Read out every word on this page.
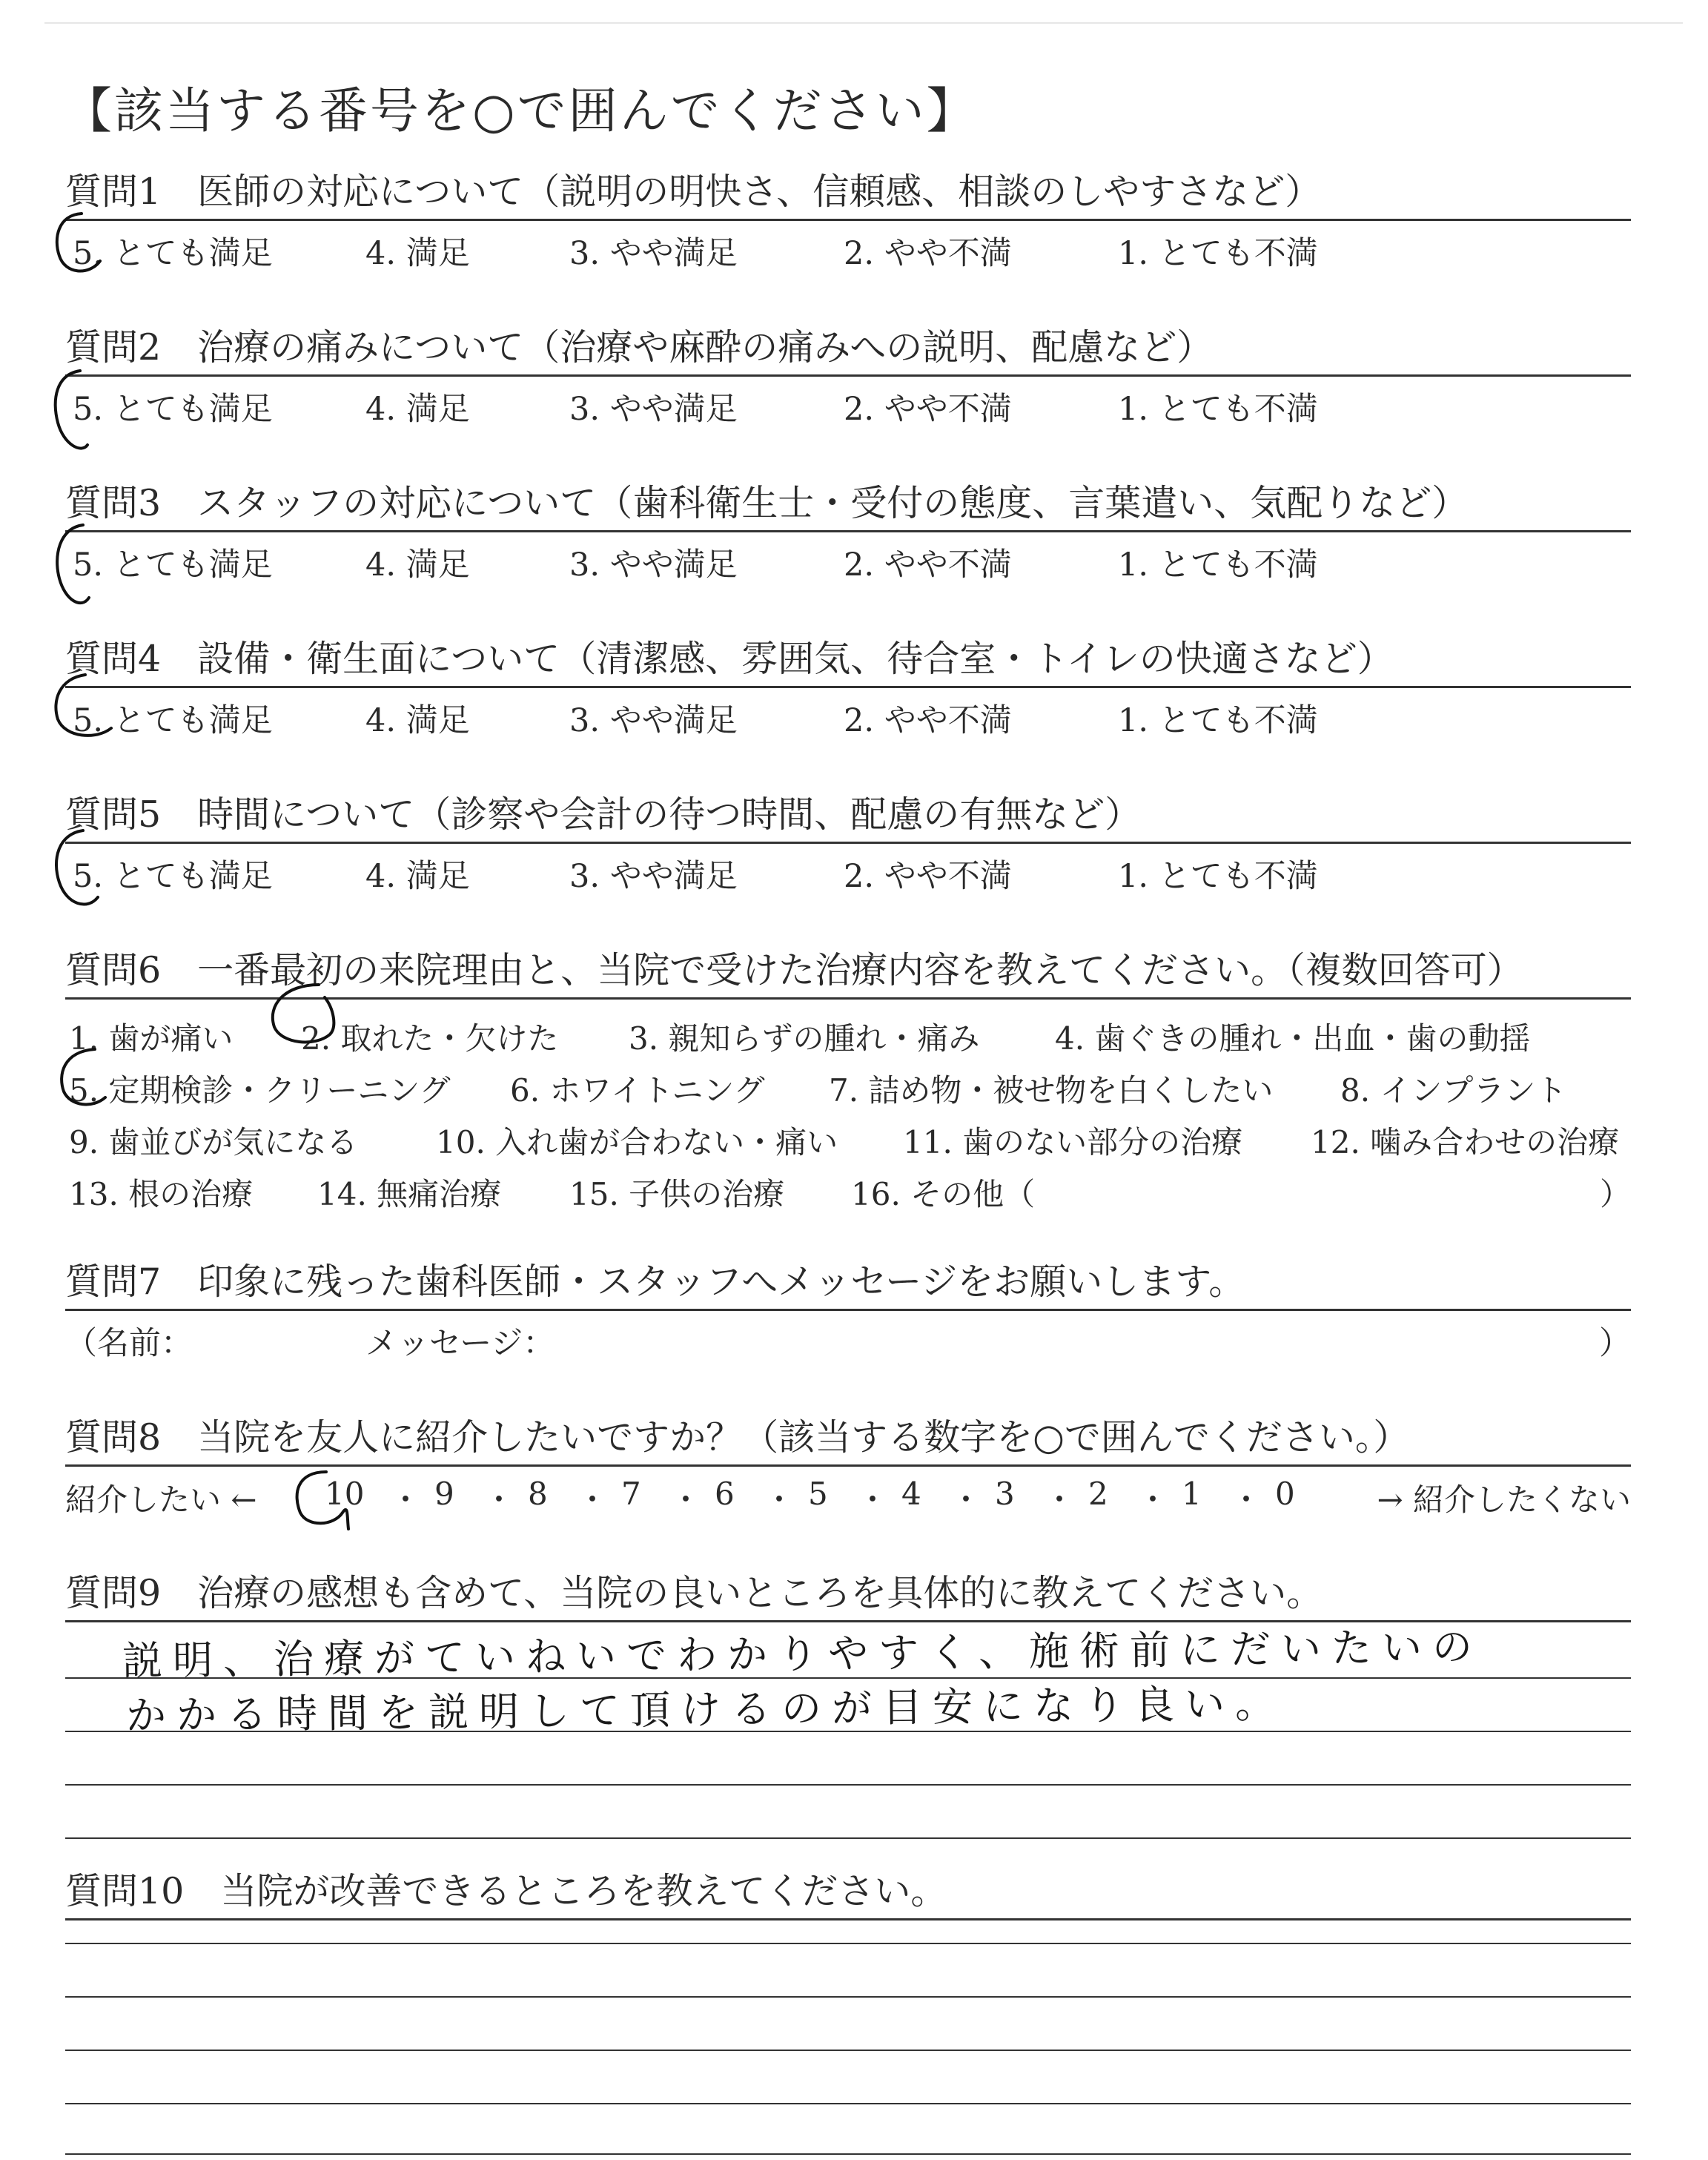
【該当する番号を○で囲んでください】
質問1　医師の対応について（説明の明快さ、信頼感、相談のしやすさなど）
5. とても満足	4. 満足	3. やや満足	2. やや不満	1. とても不満
質問2　治療の痛みについて（治療や麻酔の痛みへの説明、配慮など）
5. とても満足	4. 満足	3. やや満足	2. やや不満	1. とても不満
質問3　スタッフの対応について（歯科衛生士・受付の態度、言葉遣い、気配りなど）
5. とても満足	4. 満足	3. やや満足	2. やや不満	1. とても不満
質問4　設備・衛生面について（清潔感、雰囲気、待合室・トイレの快適さなど）
5. とても満足	4. 満足	3. やや満足	2. やや不満	1. とても不満
質問5　時間について（診察や会計の待つ時間、配慮の有無など）
5. とても満足	4. 満足	3. やや満足	2. やや不満	1. とても不満
質問6　一番最初の来院理由と、当院で受けた治療内容を教えてください。（複数回答可）
1. 歯が痛い 2. 取れた・欠けた 3. 親知らずの腫れ・痛み 4. 歯ぐきの腫れ・出血・歯の動揺
5. 定期検診・クリーニング 6. ホワイトニング 7. 詰め物・被せ物を白くしたい 8. インプラント
9. 歯並びが気になる	10. 入れ歯が合わない・痛い 11. 歯のない部分の治療 12. 噛み合わせの治療
13. 根の治療 14. 無痛治療 15. 子供の治療 16. その他（	）
質問7　印象に残った歯科医師・スタッフへメッセージをお願いします。
（名前：	メッセージ：	）
質問8　当院を友人に紹介したいですか？（該当する数字を○で囲んでください。）
紹介したい ← 10 ・ 9 ・ 8 ・ 7 ・ 6 ・ 5 ・ 4 ・ 3 ・ 2 ・ 1 ・ 0	→ 紹介したくない
質問9　治療の感想も含めて、当院の良いところを具体的に教えてください。
説明、治療がていねいでわかりやすく、施術前にだいたいの
かかる時間を説明して頂けるのが目安になり良い。
質問10　当院が改善できるところを教えてください。
